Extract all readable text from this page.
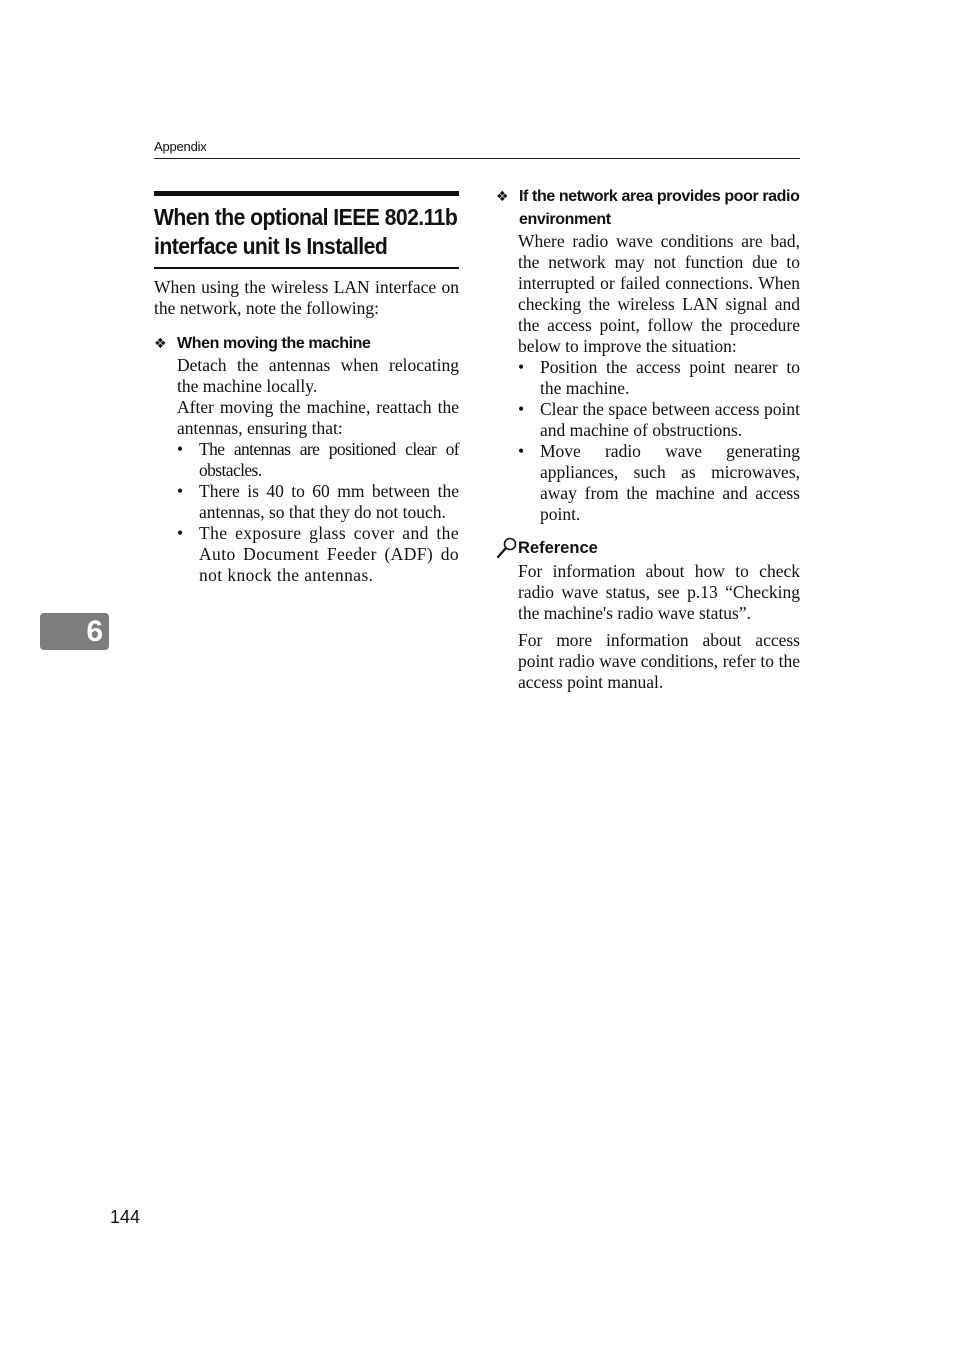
Appendix
When the optional IEEE 802.11b interface unit Is Installed

When using the wireless LAN interface on the network, note the following:

❖ When moving the machine
Detach the antennas when relocating the machine locally.
After moving the machine, reattach the antennas, ensuring that:
• The antennas are positioned clear of obstacles.
• There is 40 to 60 mm between the antennas, so that they do not touch.
• The exposure glass cover and the Auto Document Feeder (ADF) do not knock the antennas.
❖ If the network area provides poor radio environment
Where radio wave conditions are bad, the network may not function due to interrupted or failed connections. When checking the wireless LAN signal and the access point, follow the procedure below to improve the situation:
• Position the access point nearer to the machine.
• Clear the space between access point and machine of obstructions.
• Move radio wave generating appliances, such as microwaves, away from the machine and access point.
Reference
For information about how to check radio wave status, see p.13 “Checking the machine's radio wave status”.
For more information about access point radio wave conditions, refer to the access point manual.
6
144
